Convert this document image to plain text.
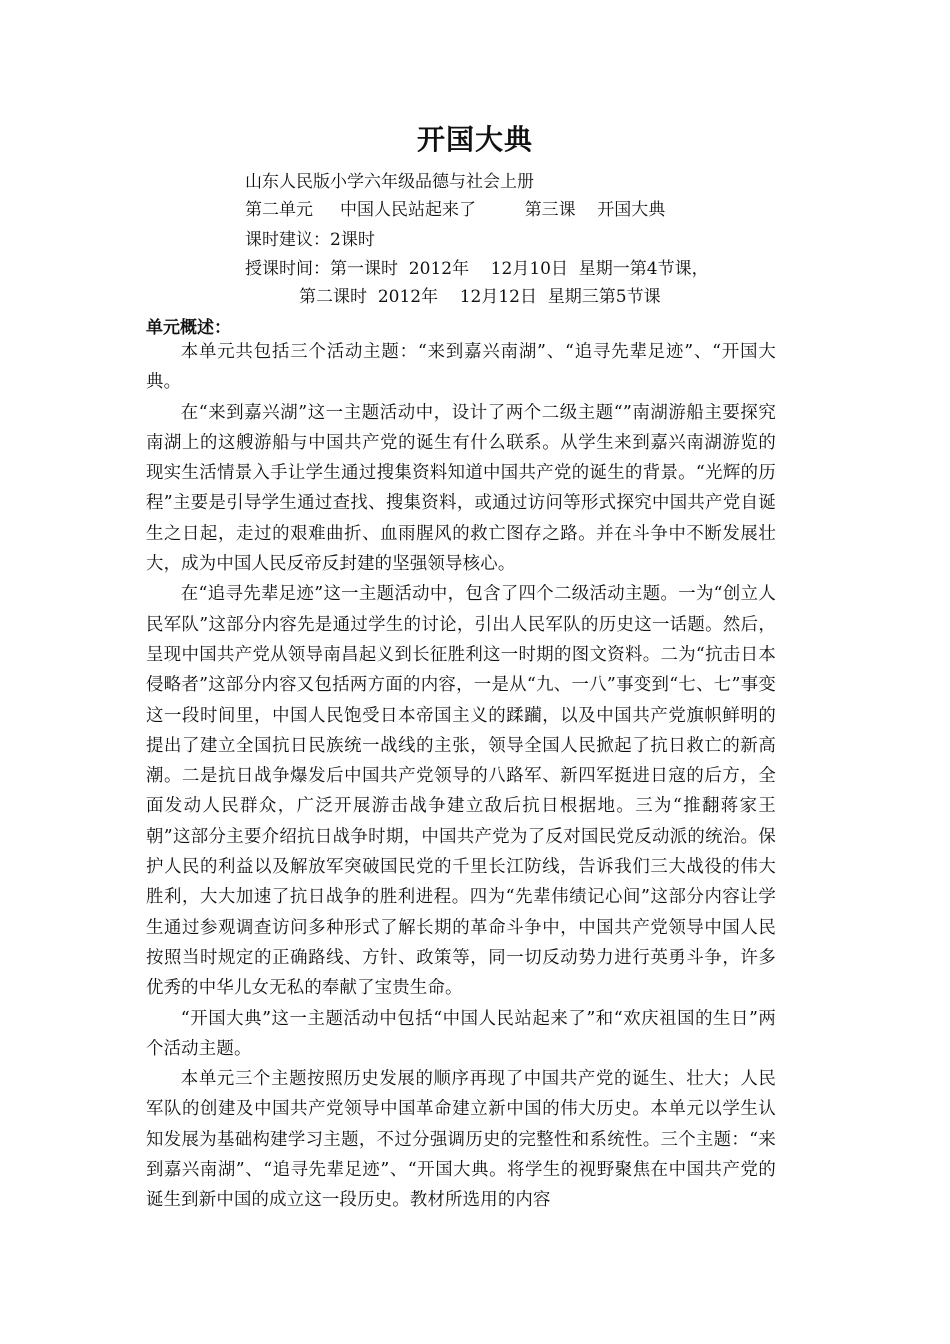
开国大典
山东人民版小学六年级品德与社会上册
第二单元     中国人民站起来了         第三课    开国大典
课时建议：2课时
授课时间：第一课时  2012年    12月10日  星期一第4节课，
第二课时  2012年    12月12日  星期三第5节课
单元概述：

本单元共包括三个活动主题：“来到嘉兴南湖”、“追寻先辈足迹”、“开国大典。

在“来到嘉兴湖”这一主题活动中，设计了两个二级主题“”南湖游船主要探究南湖上的这艘游船与中国共产党的诞生有什么联系。从学生来到嘉兴南湖游览的现实生活情景入手让学生通过搜集资料知道中国共产党的诞生的背景。“光辉的历程”主要是引导学生通过查找、搜集资料，或通过访问等形式探究中国共产党自诞生之日起，走过的艰难曲折、血雨腥风的救亡图存之路。并在斗争中不断发展壮大，成为中国人民反帝反封建的坚强领导核心。

在“追寻先辈足迹”这一主题活动中，包含了四个二级活动主题。一为“创立人民军队”这部分内容先是通过学生的讨论，引出人民军队的历史这一话题。然后，呈现中国共产党从领导南昌起义到长征胜利这一时期的图文资料。二为“抗击日本侵略者”这部分内容又包括两方面的内容，一是从“九、一八”事变到“七、七”事变这一段时间里，中国人民饱受日本帝国主义的蹂躏，以及中国共产党旗帜鲜明的提出了建立全国抗日民族统一战线的主张，领导全国人民掀起了抗日救亡的新高潮。二是抗日战争爆发后中国共产党领导的八路军、新四军挺进日寇的后方，全面发动人民群众，广泛开展游击战争建立敌后抗日根据地。三为“推翻蒋家王朝”这部分主要介绍抗日战争时期，中国共产党为了反对国民党反动派的统治。保护人民的利益以及解放军突破国民党的千里长江防线，告诉我们三大战役的伟大胜利，大大加速了抗日战争的胜利进程。四为“先辈伟绩记心间”这部分内容让学生通过参观调查访问多种形式了解长期的革命斗争中，中国共产党领导中国人民按照当时规定的正确路线、方针、政策等，同一切反动势力进行英勇斗争，许多优秀的中华儿女无私的奉献了宝贵生命。

“开国大典”这一主题活动中包括“中国人民站起来了”和“欢庆祖国的生日”两个活动主题。

本单元三个主题按照历史发展的顺序再现了中国共产党的诞生、壮大；人民军队的创建及中国共产党领导中国革命建立新中国的伟大历史。本单元以学生认知发展为基础构建学习主题，不过分强调历史的完整性和系统性。三个主题：“来到嘉兴南湖”、“追寻先辈足迹”、“开国大典。将学生的视野聚焦在中国共产党的诞生到新中国的成立这一段历史。教材所选用的内容
